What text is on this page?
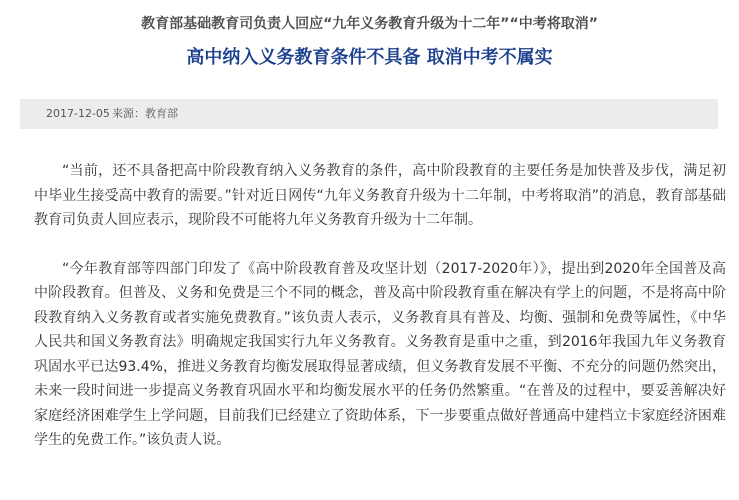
教育部基础教育司负责人回应“九年义务教育升级为十二年”“中考将取消”
高中纳入义务教育条件不具备 取消中考不属实
2017-12-05 来源：教育部

“当前，还不具备把高中阶段教育纳入义务教育的条件，高中阶段教育的主要任务是加快普及步伐，满足初中毕业生接受高中教育的需要。”针对近日网传“九年义务教育升级为十二年制，中考将取消”的消息，教育部基础教育司负责人回应表示，现阶段不可能将九年义务教育升级为十二年制。

“今年教育部等四部门印发了《高中阶段教育普及攻坚计划（2017-2020年）》，提出到2020年全国普及高中阶段教育。但普及、义务和免费是三个不同的概念，普及高中阶段教育重在解决有学上的问题，不是将高中阶段教育纳入义务教育或者实施免费教育。”该负责人表示，义务教育具有普及、均衡、强制和免费等属性，《中华人民共和国义务教育法》明确规定我国实行九年义务教育。义务教育是重中之重，到2016年我国九年义务教育巩固水平已达93.4%，推进义务教育均衡发展取得显著成绩，但义务教育发展不平衡、不充分的问题仍然突出，未来一段时间进一步提高义务教育巩固水平和均衡发展水平的任务仍然繁重。“在普及的过程中，要妥善解决好家庭经济困难学生上学问题，目前我们已经建立了资助体系，下一步要重点做好普通高中建档立卡家庭经济困难学生的免费工作。”该负责人说。
